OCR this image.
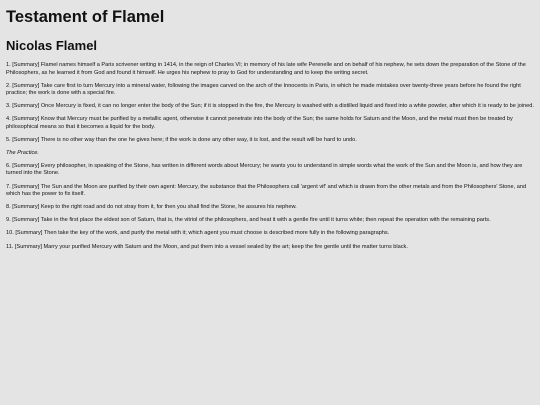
Testament of Flamel
Nicolas Flamel

1. [Summary] Flamel names himself a Paris scrivener writing in 1414, in the reign of Charles VI; in memory of his late wife Perenelle and on behalf of his nephew, he sets down the preparation of the Stone of the Philosophers, as he learned it from God and found it himself. He urges his nephew to pray to God for understanding and to keep the writing secret.

2. [Summary] Take care first to turn Mercury into a mineral water, following the images carved on the arch of the Innocents in Paris, in which he made mistakes over twenty-three years before he found the right practice; the work is done with a special fire.

3. [Summary] Once Mercury is fixed, it can no longer enter the body of the Sun; if it is stopped in the fire, the Mercury is washed with a distilled liquid and fixed into a white powder, after which it is ready to be joined.

4. [Summary] Know that Mercury must be purified by a metallic agent, otherwise it cannot penetrate into the body of the Sun; the same holds for Saturn and the Moon, and the metal must then be treated by philosophical means so that it becomes a liquid for the body.

5. [Summary] There is no other way than the one he gives here; if the work is done any other way, it is lost, and the result will be hard to undo.

The Practice.

6. [Summary] Every philosopher, in speaking of the Stone, has written in different words about Mercury; he wants you to understand in simple words what the work of the Sun and the Moon is, and how they are turned into the Stone.

7. [Summary] The Sun and the Moon are purified by their own agent: Mercury, the substance that the Philosophers call 'argent vif' and which is drawn from the other metals and from the Philosophers' Stone, and which has the power to fix itself.

8. [Summary] Keep to the right road and do not stray from it, for then you shall find the Stone, he assures his nephew.

9. [Summary] Take in the first place the eldest son of Saturn, that is, the vitriol of the philosophers, and heat it with a gentle fire until it turns white; then repeat the operation with the remaining parts.

10. [Summary] Then take the key of the work, and purify the metal with it; which agent you must choose is described more fully in the following paragraphs.

11. [Summary] Marry your purified Mercury with Saturn and the Moon, and put them into a vessel sealed by the art; keep the fire gentle until the matter turns black.
